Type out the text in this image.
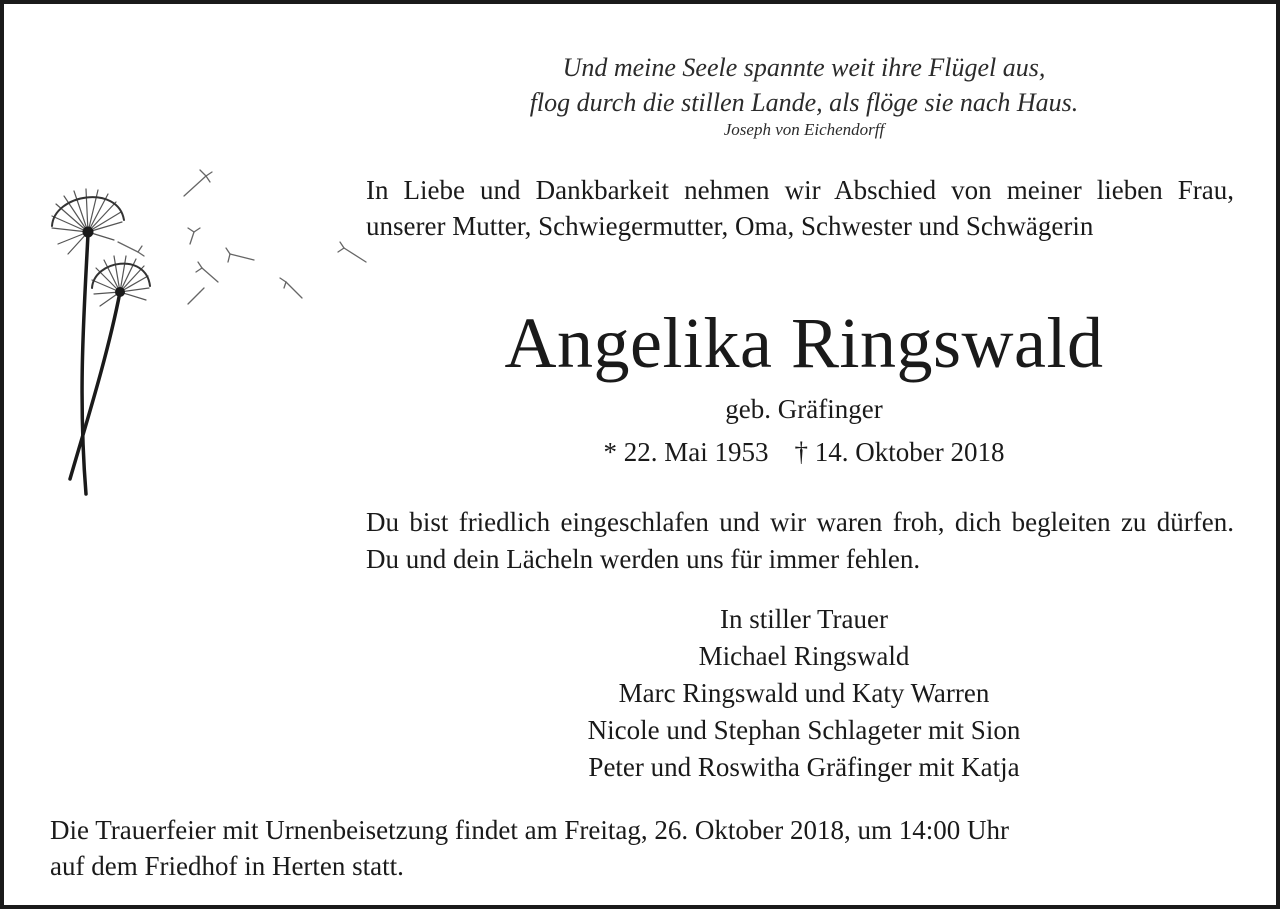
Und meine Seele spannte weit ihre Flügel aus,
flog durch die stillen Lande, als flöge sie nach Haus.
Joseph von Eichendorff
In Liebe und Dankbarkeit nehmen wir Abschied von meiner lieben Frau, unserer Mutter, Schwiegermutter, Oma, Schwester und Schwägerin
Angelika Ringswald
geb. Gräfinger
* 22. Mai 1953 † 14. Oktober 2018
Du bist friedlich eingeschlafen und wir waren froh, dich begleiten zu dürfen. Du und dein Lächeln werden uns für immer fehlen.
In stiller Trauer
Michael Ringswald
Marc Ringswald und Katy Warren
Nicole und Stephan Schlageter mit Sion
Peter und Roswitha Gräfinger mit Katja
Die Trauerfeier mit Urnenbeisetzung findet am Freitag, 26. Oktober 2018, um 14:00 Uhr
auf dem Friedhof in Herten statt.
